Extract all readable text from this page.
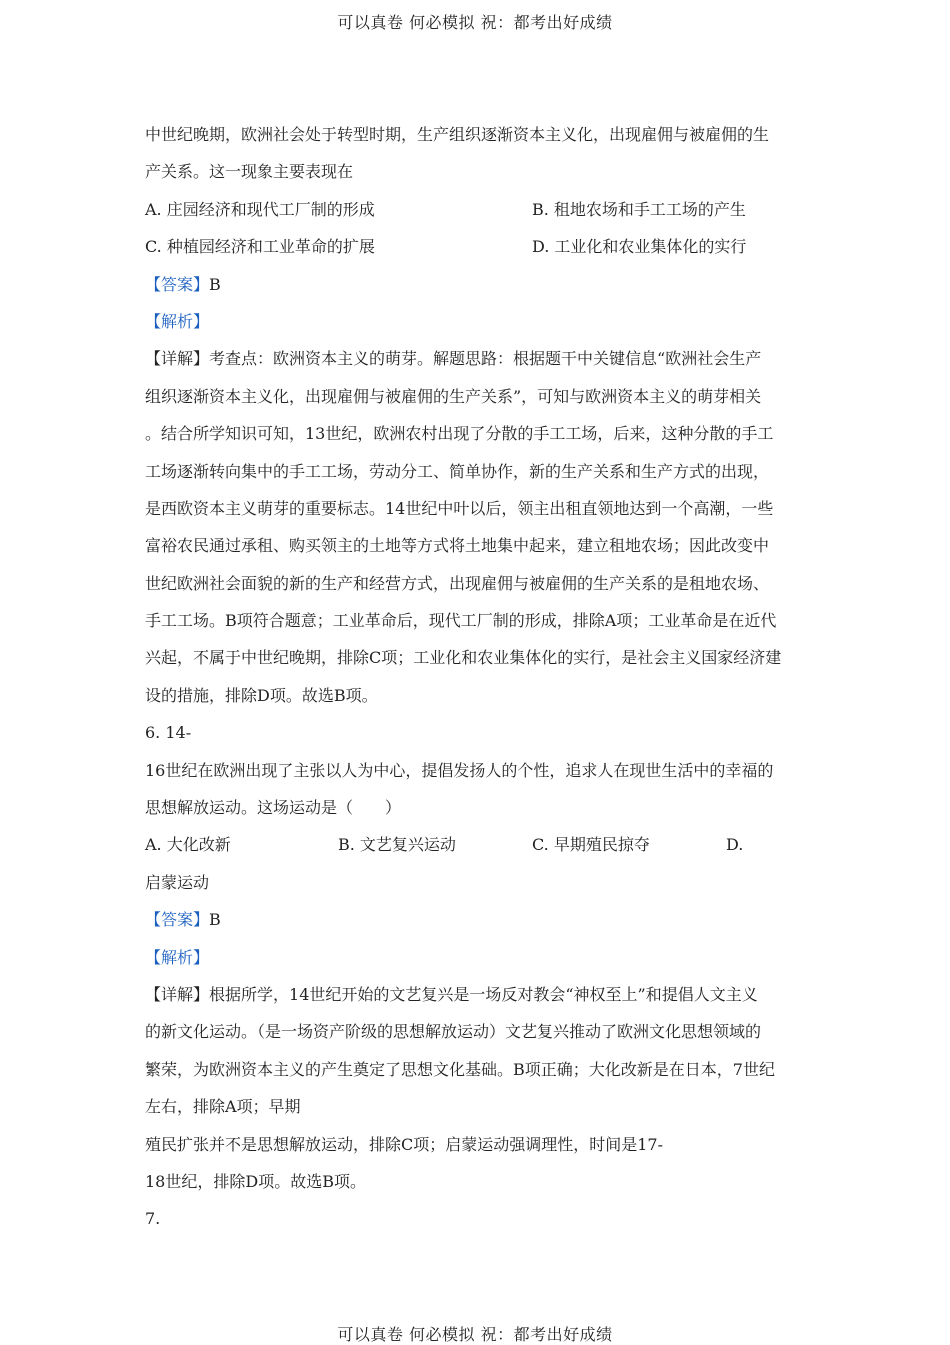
可以真卷 何必模拟 祝：都考出好成绩
中世纪晚期，欧洲社会处于转型时期，生产组织逐渐资本主义化，出现雇佣与被雇佣的生
产关系。这一现象主要表现在
A. 庄园经济和现代工厂制的形成	B. 租地农场和手工工场的产生
C. 种植园经济和工业革命的扩展	D. 工业化和农业集体化的实行
【答案】B
【解析】
【详解】考查点：欧洲资本主义的萌芽。解题思路：根据题干中关键信息“欧洲社会生产
组织逐渐资本主义化，出现雇佣与被雇佣的生产关系”，可知与欧洲资本主义的萌芽相关
。结合所学知识可知，13世纪，欧洲农村出现了分散的手工工场，后来，这种分散的手工
工场逐渐转向集中的手工工场，劳动分工、简单协作，新的生产关系和生产方式的出现，
是西欧资本主义萌芽的重要标志。14世纪中叶以后，领主出租直领地达到一个高潮，一些
富裕农民通过承租、购买领主的土地等方式将土地集中起来，建立租地农场；因此改变中
世纪欧洲社会面貌的新的生产和经营方式，出现雇佣与被雇佣的生产关系的是租地农场、
手工工场。B项符合题意；工业革命后，现代工厂制的形成，排除A项；工业革命是在近代
兴起，不属于中世纪晚期，排除C项；工业化和农业集体化的实行，是社会主义国家经济建
设的措施，排除D项。故选B项。
6. 14-
16世纪在欧洲出现了主张以人为中心，提倡发扬人的个性，追求人在现世生活中的幸福的
思想解放运动。这场运动是（　　）
A. 大化改新	B. 文艺复兴运动	C. 早期殖民掠夺	D.
启蒙运动
【答案】B
【解析】
【详解】根据所学，14世纪开始的文艺复兴是一场反对教会“神权至上”和提倡人文主义
的新文化运动。（是一场资产阶级的思想解放运动）文艺复兴推动了欧洲文化思想领域的
繁荣，为欧洲资本主义的产生奠定了思想文化基础。B项正确；大化改新是在日本，7世纪
左右，排除A项；早期
殖民扩张并不是思想解放运动，排除C项；启蒙运动强调理性，时间是17-
18世纪，排除D项。故选B项。
7.
可以真卷 何必模拟 祝：都考出好成绩
